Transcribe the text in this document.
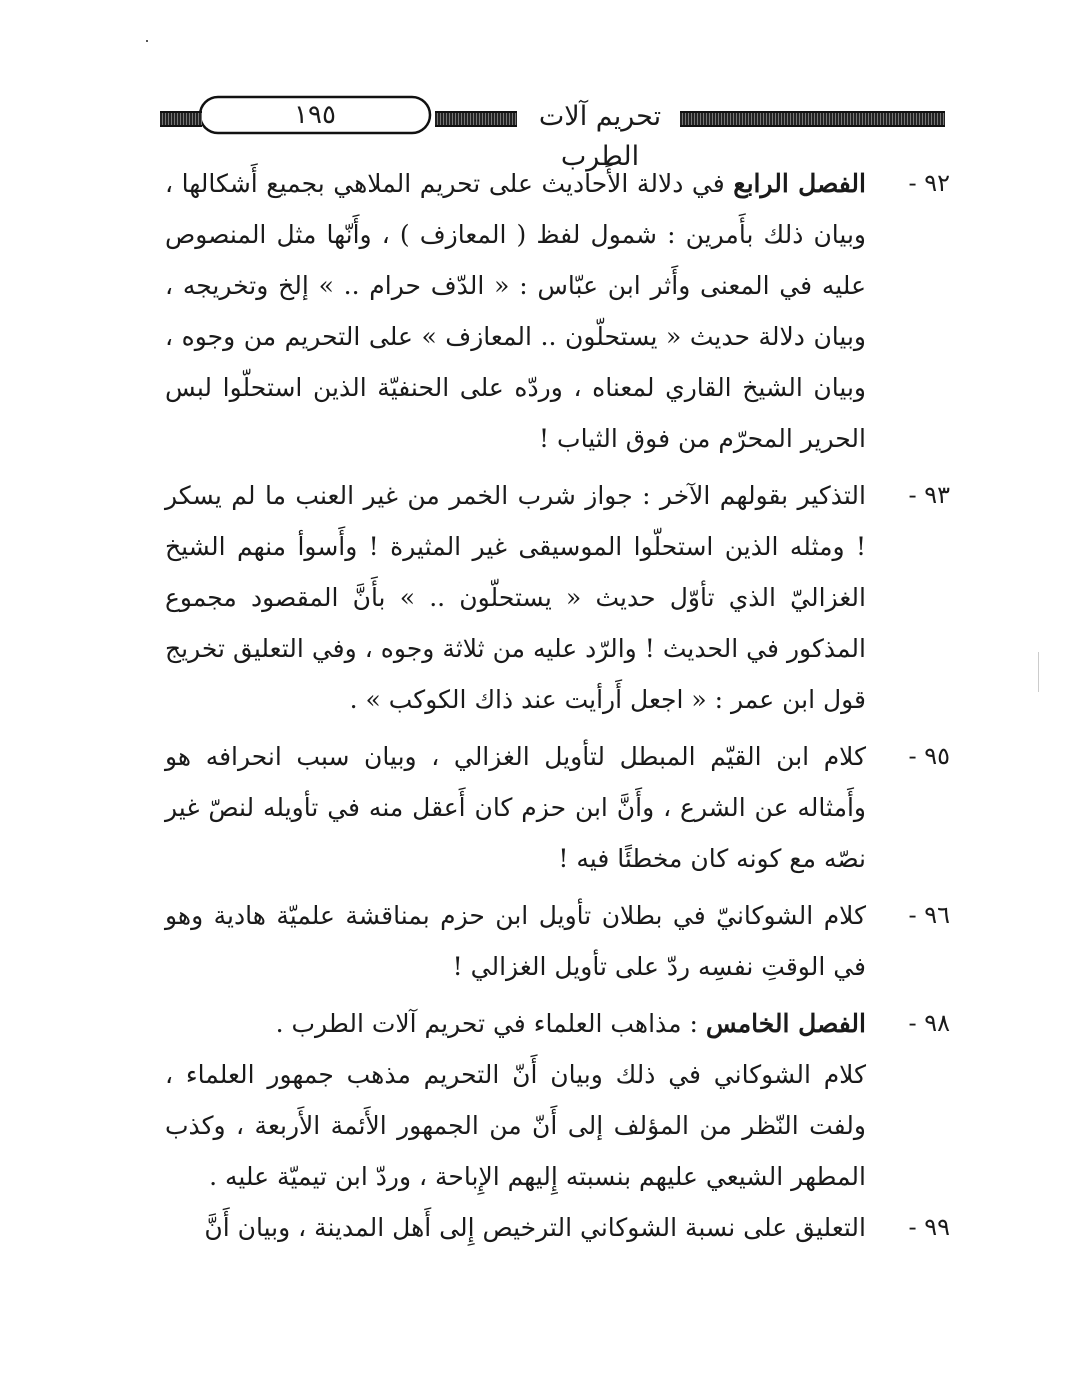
تحريم آلات الطرب
١٩٥
٩٢ -
الفصل الرابع في دلالة الأَحاديث على تحريم الملاهي بجميع أَشكالها ، وبيان ذلك بأَمرين : شمول لفظ ( المعازف ) ، وأَنّها مثل المنصوص عليه في المعنى وأَثر ابن عبّاس : « الدّف حرام .. » إلخ وتخريجه ، وبيان دلالة حديث « يستحلّون .. المعازف » على التحريم من وجوه ، وبيان الشيخ القاري لمعناه ، وردّه على الحنفيّة الذين استحلّوا لبس الحرير المحرّم من فوق الثياب !
٩٣ -
التذكير بقولهم الآخر : جواز شرب الخمر من غير العنب ما لم يسكر ! ومثله الذين استحلّوا الموسيقى غير المثيرة ! وأَسوأ منهم الشيخ الغزاليّ الذي تأوّل حديث « يستحلّون .. » بأَنَّ المقصود مجموع المذكور في الحديث ! والرّد عليه من ثلاثة وجوه ، وفي التعليق تخريج قول ابن عمر : « اجعل أَرأيت عند ذاك الكوكب » .
٩٥ -
كلام ابن القيّم المبطل لتأويل الغزالي ، وبيان سبب انحرافه هو وأَمثاله عن الشرع ، وأَنَّ ابن حزم كان أَعقل منه في تأويله لنصّ غير نصّه مع كونه كان مخطئًا فيه !
٩٦ -
كلام الشوكانيّ في بطلان تأويل ابن حزم بمناقشة علميّة هادية وهو في الوقتِ نفسِه ردّ على تأويل الغزالي !
٩٨ -
الفصل الخامس : مذاهب العلماء في تحريم آلات الطرب .
كلام الشوكاني في ذلك وبيان أَنّ التحريم مذهب جمهور العلماء ، ولفت النّظر من المؤلف إلى أَنّ من الجمهور الأَئمة الأَربعة ، وكذب المطهر الشيعي عليهم بنسبته إِليهم الإِباحة ، وردّ ابن تيميّة عليه .
٩٩ -
التعليق على نسبة الشوكاني الترخيص إِلى أَهل المدينة ، وبيان أَنَّ
